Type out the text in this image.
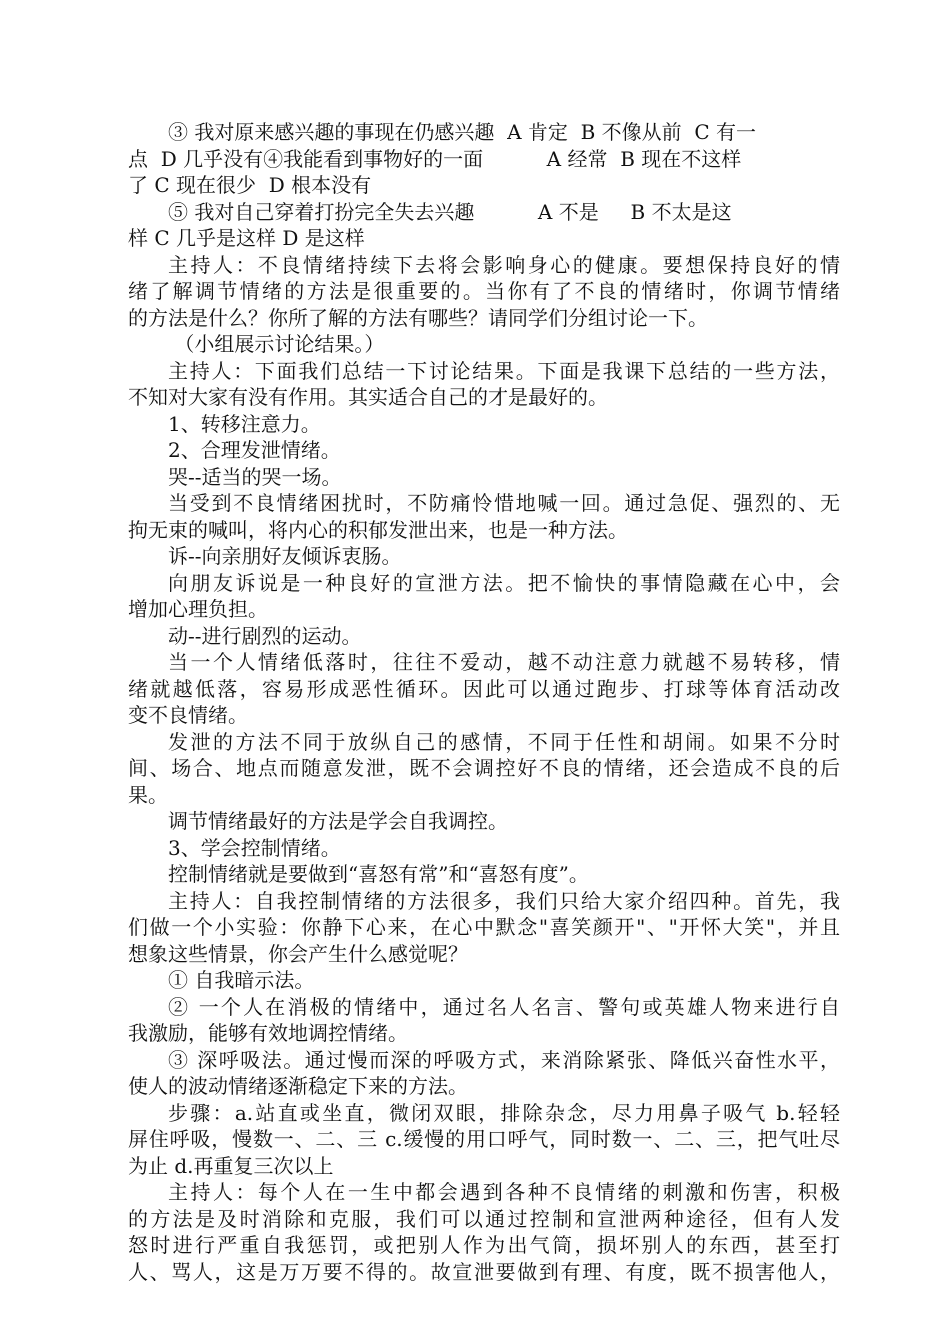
③ 我对原来感兴趣的事现在仍感兴趣  A 肯定  B 不像从前  C 有一
点  D 几乎没有④我能看到事物好的一面          A 经常  B 现在不这样
了 C 现在很少  D 根本没有
⑤ 我对自己穿着打扮完全失去兴趣          A 不是     B 不太是这
样 C 几乎是这样 D 是这样
主持人：不良情绪持续下去将会影响身心的健康。要想保持良好的情
绪了解调节情绪的方法是很重要的。当你有了不良的情绪时，你调节情绪
的方法是什么？你所了解的方法有哪些？请同学们分组讨论一下。
（小组展示讨论结果。）
主持人：下面我们总结一下讨论结果。下面是我课下总结的一些方法，
不知对大家有没有作用。其实适合自己的才是最好的。
1、转移注意力。
2、合理发泄情绪。
哭--适当的哭一场。
当受到不良情绪困扰时，不防痛怜惜地喊一回。通过急促、强烈的、无
拘无束的喊叫，将内心的积郁发泄出来，也是一种方法。
诉--向亲朋好友倾诉衷肠。
向朋友诉说是一种良好的宣泄方法。把不愉快的事情隐藏在心中，会
增加心理负担。
动--进行剧烈的运动。
当一个人情绪低落时，往往不爱动，越不动注意力就越不易转移，情
绪就越低落，容易形成恶性循环。因此可以通过跑步、打球等体育活动改
变不良情绪。
发泄的方法不同于放纵自己的感情，不同于任性和胡闹。如果不分时
间、场合、地点而随意发泄，既不会调控好不良的情绪，还会造成不良的后
果。
调节情绪最好的方法是学会自我调控。
3、学会控制情绪。
控制情绪就是要做到“喜怒有常”和“喜怒有度”。
主持人：自我控制情绪的方法很多，我们只给大家介绍四种。首先，我
们做一个小实验：你静下心来，在心中默念"喜笑颜开"、"开怀大笑"，并且
想象这些情景，你会产生什么感觉呢？
① 自我暗示法。
② 一个人在消极的情绪中，通过名人名言、警句或英雄人物来进行自
我激励，能够有效地调控情绪。
③ 深呼吸法。通过慢而深的呼吸方式，来消除紧张、降低兴奋性水平，
使人的波动情绪逐渐稳定下来的方法。
步骤：a.站直或坐直，微闭双眼，排除杂念，尽力用鼻子吸气 b.轻轻
屏住呼吸，慢数一、二、三 c.缓慢的用口呼气，同时数一、二、三，把气吐尽
为止 d.再重复三次以上
主持人：每个人在一生中都会遇到各种不良情绪的刺激和伤害，积极
的方法是及时消除和克服，我们可以通过控制和宣泄两种途径，但有人发
怒时进行严重自我惩罚，或把别人作为出气筒，损坏别人的东西，甚至打
人、骂人，这是万万要不得的。故宣泄要做到有理、有度，既不损害他人，
